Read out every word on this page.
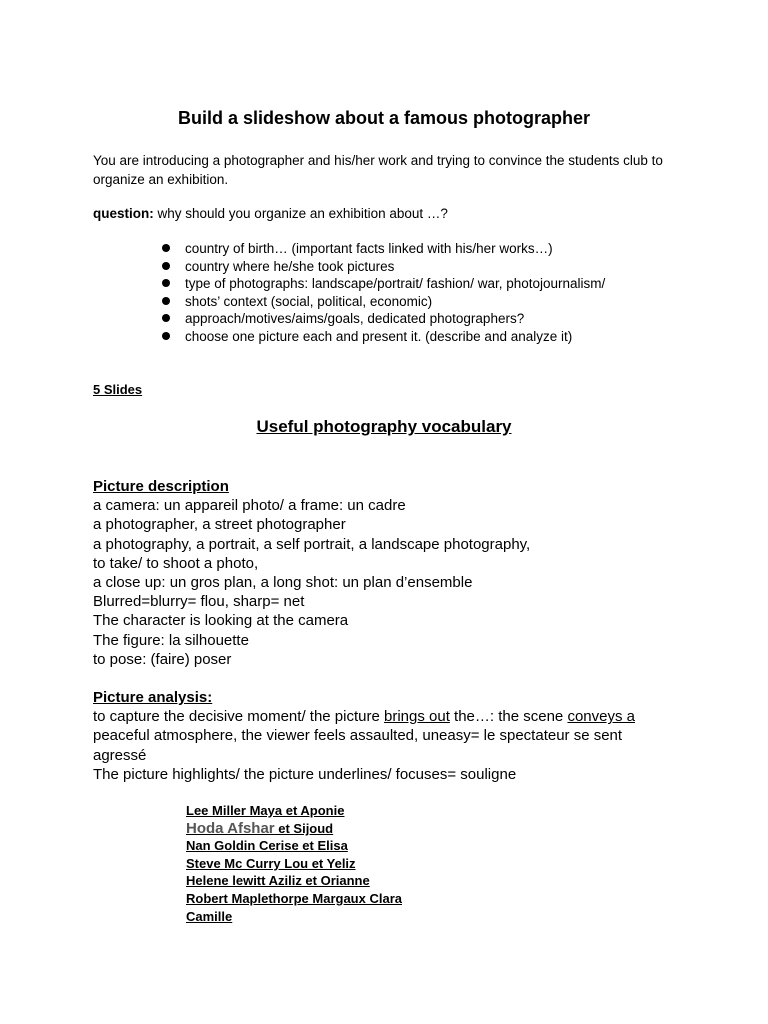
Build a slideshow about a famous photographer
You are introducing a photographer and his/her work and trying to convince the students club to organize an exhibition.
question: why should you organize an exhibition about …?
country of birth… (important facts linked with his/her works…)
country where he/she took pictures
type of photographs: landscape/portrait/ fashion/ war, photojournalism/
shots’ context (social, political, economic)
approach/motives/aims/goals, dedicated photographers?
choose one picture each and present it. (describe and analyze it)
5 Slides
Useful photography vocabulary
Picture description
a camera: un appareil photo/ a frame: un cadre
a photographer, a street photographer
a photography, a portrait, a self portrait, a landscape photography,
to take/ to shoot a photo,
a close up: un gros plan, a long shot: un plan d’ensemble
Blurred=blurry= flou, sharp= net
The character is looking at the camera
The figure: la silhouette
to pose: (faire) poser
Picture analysis:
to capture the decisive moment/ the picture brings out the…: the scene conveys a
peaceful atmosphere, the viewer feels assaulted, uneasy= le spectateur se sent
agressé
The picture highlights/ the picture underlines/ focuses= souligne
Lee Miller Maya et Aponie
Hoda Afshar et Sijoud
Nan Goldin Cerise et Elisa
Steve Mc Curry Lou et Yeliz
Helene lewitt Aziliz et Orianne
Robert Maplethorpe Margaux Clara
Camille
